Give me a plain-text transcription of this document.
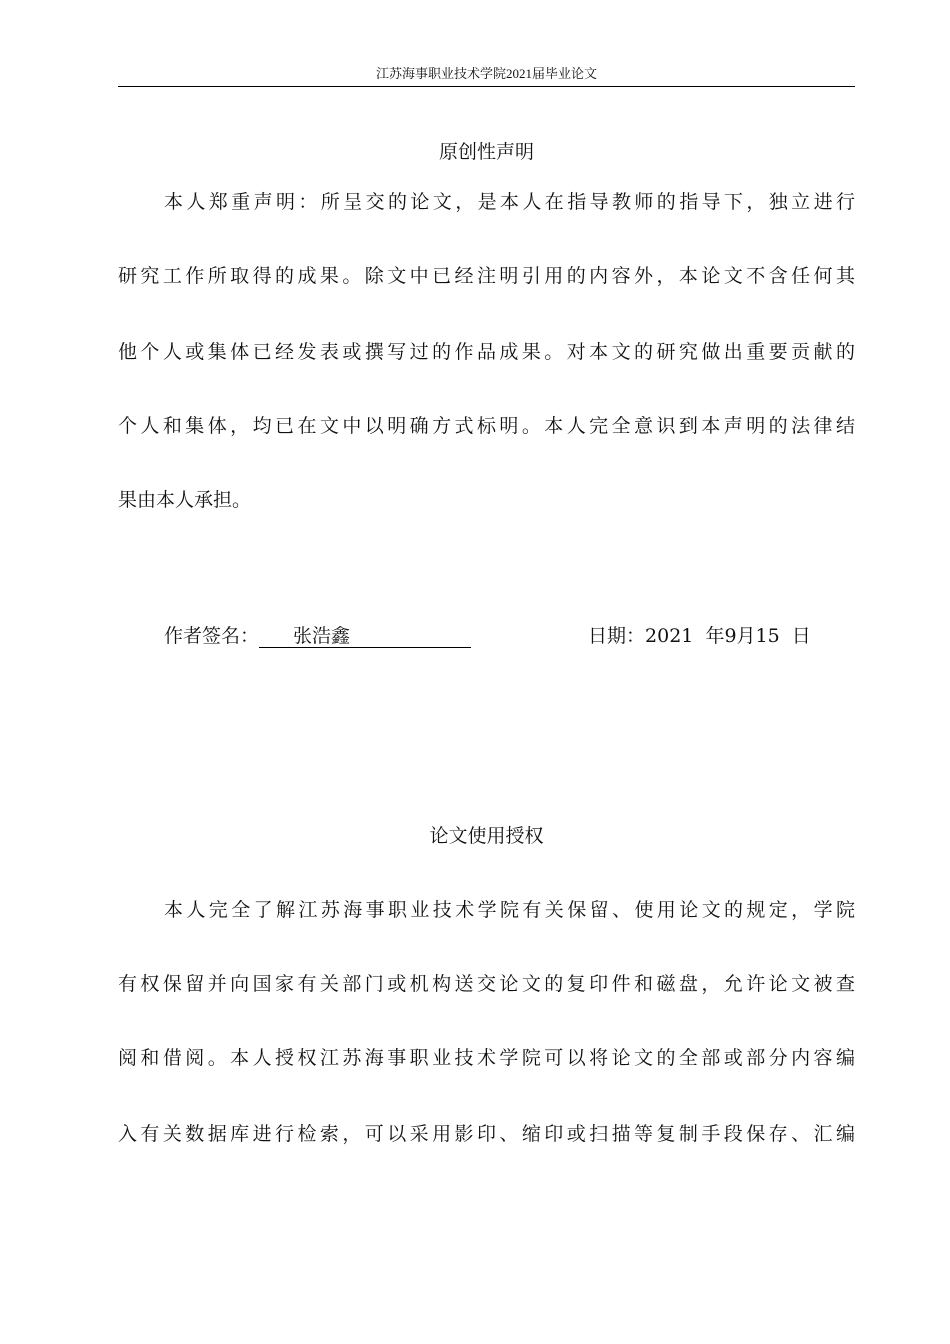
江苏海事职业技术学院2021届毕业论文
原创性声明
本人郑重声明：所呈交的论文，是本人在指导教师的指导下，独立进行
研究工作所取得的成果。除文中已经注明引用的内容外，本论文不含任何其
他个人或集体已经发表或撰写过的作品成果。对本文的研究做出重要贡献的
个人和集体，均已在文中以明确方式标明。本人完全意识到本声明的法律结
果由本人承担。
作者签名： 张浩鑫	日期：2021  年9月15  日
论文使用授权
本人完全了解江苏海事职业技术学院有关保留、使用论文的规定，学院
有权保留并向国家有关部门或机构送交论文的复印件和磁盘，允许论文被查
阅和借阅。本人授权江苏海事职业技术学院可以将论文的全部或部分内容编
入有关数据库进行检索，可以采用影印、缩印或扫描等复制手段保存、汇编
